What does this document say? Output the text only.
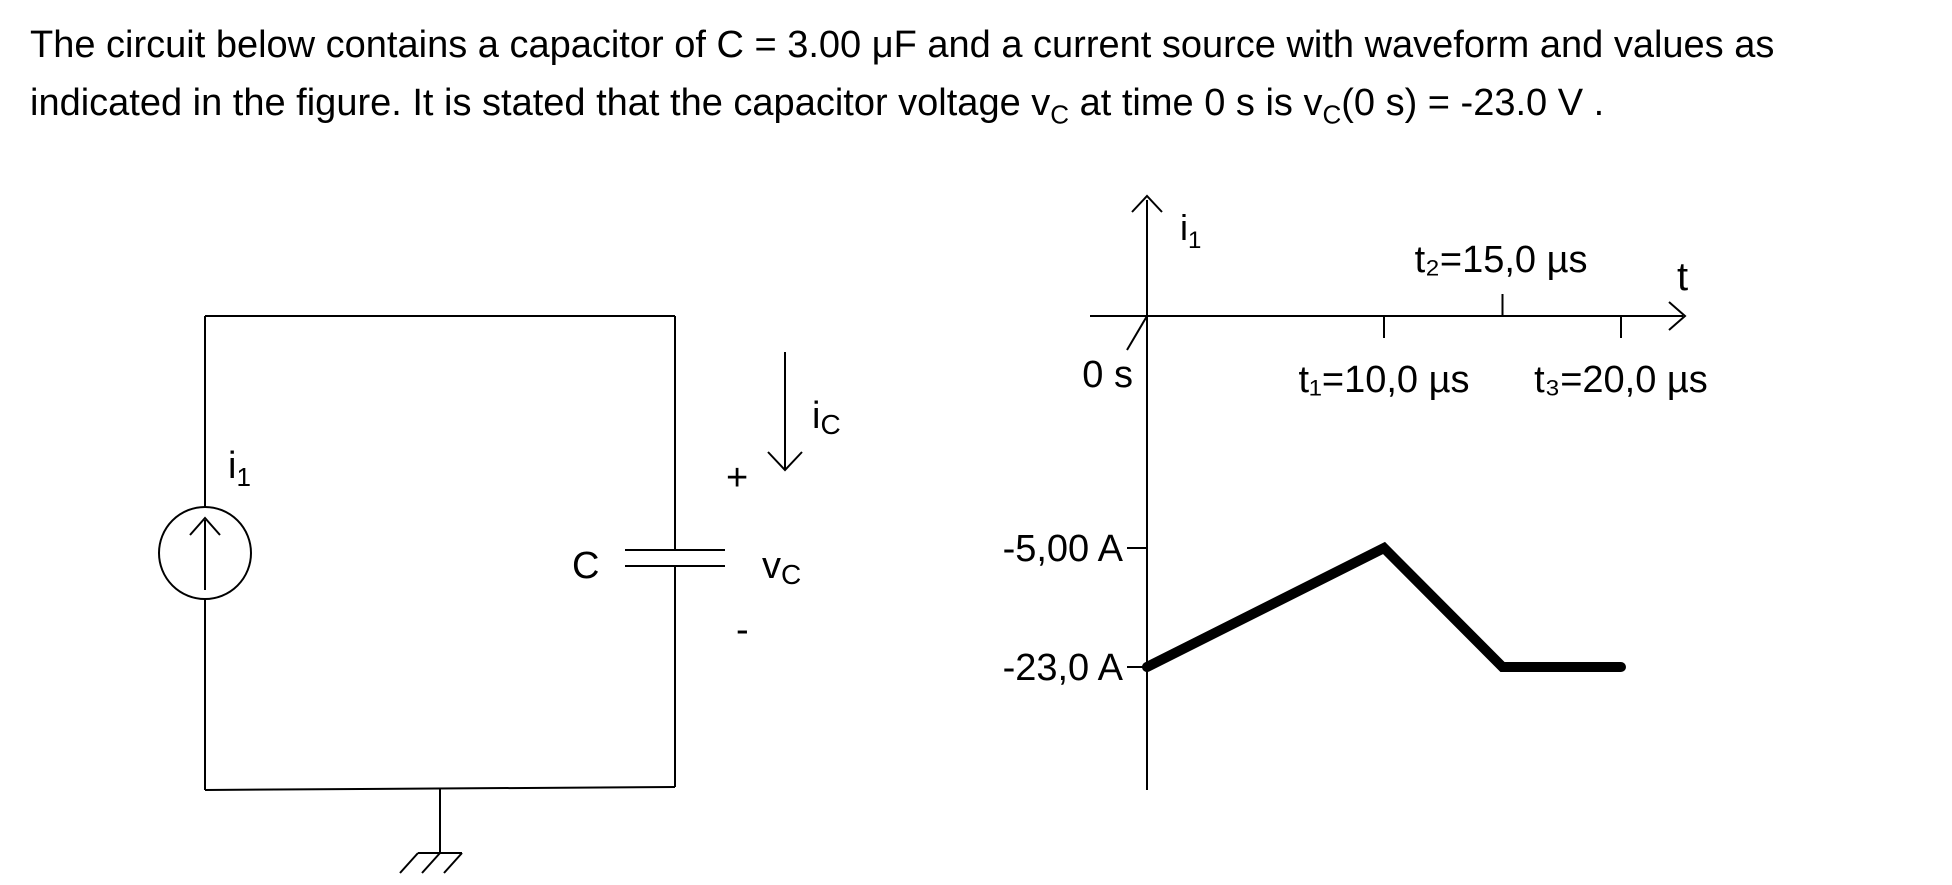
The circuit below contains a capacitor of C = 3.00 μF and a current source with waveform and values as

indicated in the figure. It is stated that the capacitor voltage $v_C$ at time 0 s is $v_C(0$ s) = -23.0 V .

$i_1$
C
iC
+
-
vC
$i_1$
t
0 s	t₁=10,0 µs
t₂=15,0 µs
t₃=20,0 µs
-5,00 A
-23,0 A
